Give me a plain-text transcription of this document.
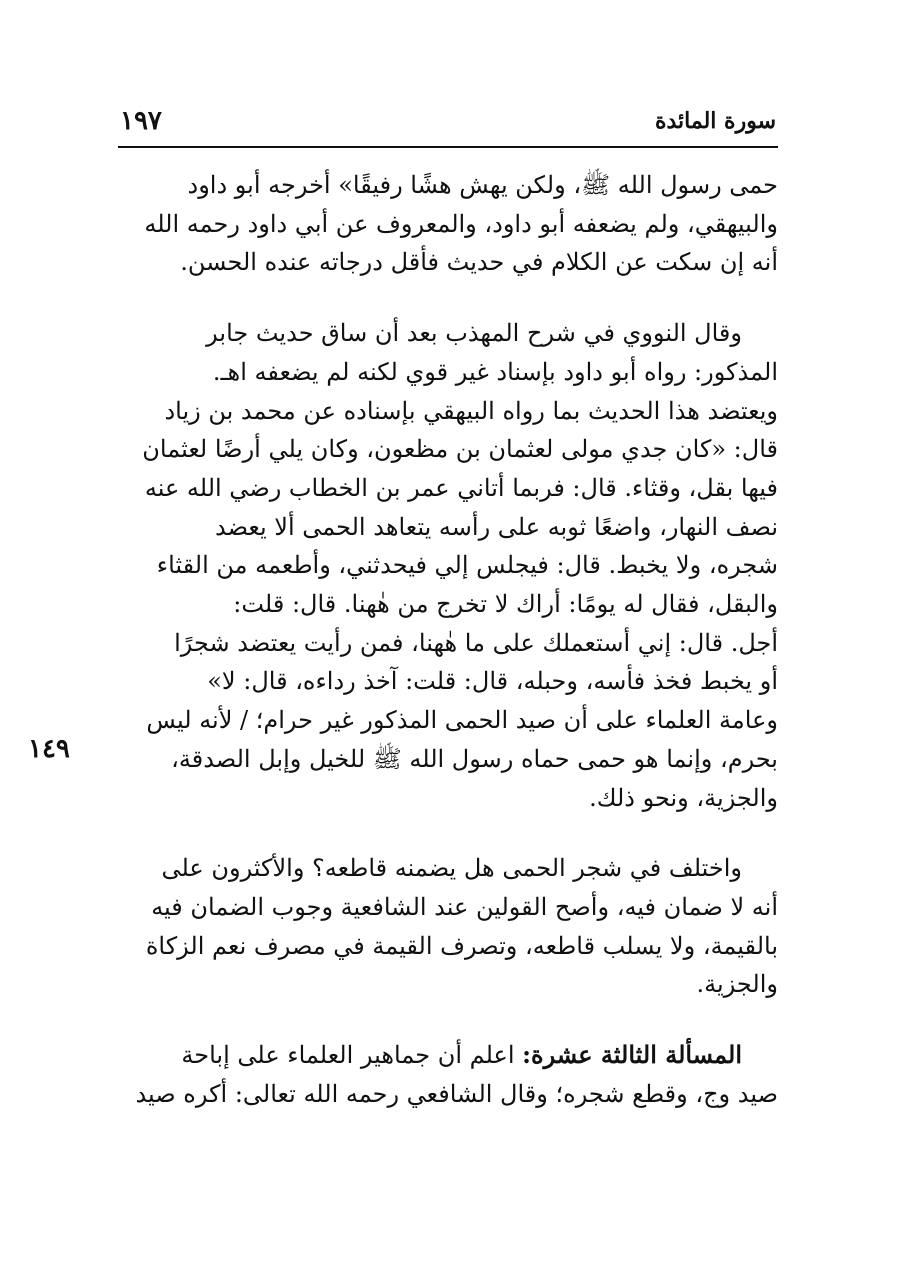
سورة المائدة
١٩٧
١٤٩
حمى رسول الله ﷺ، ولكن يهش هشًا رفيقًا» أخرجه أبو داود
والبيهقي، ولم يضعفه أبو داود، والمعروف عن أبي داود رحمه الله
أنه إن سكت عن الكلام في حديث فأقل درجاته عنده الحسن.
وقال النووي في شرح المهذب بعد أن ساق حديث جابر
المذكور: رواه أبو داود بإسناد غير قوي لكنه لم يضعفه اهـ.
ويعتضد هذا الحديث بما رواه البيهقي بإسناده عن محمد بن زياد
قال: «كان جدي مولى لعثمان بن مظعون، وكان يلي أرضًا لعثمان
فيها بقل، وقثاء. قال: فربما أتاني عمر بن الخطاب رضي الله عنه
نصف النهار، واضعًا ثوبه على رأسه يتعاهد الحمى ألا يعضد
شجره، ولا يخبط. قال: فيجلس إلي فيحدثني، وأطعمه من القثاء
والبقل، فقال له يومًا: أراك لا تخرج من هٰهنا. قال: قلت:
أجل. قال: إني أستعملك على ما هٰهنا، فمن رأيت يعتضد شجرًا
أو يخبط فخذ فأسه، وحبله، قال: قلت: آخذ رداءه، قال: لا»
وعامة العلماء على أن صيد الحمى المذكور غير حرام؛ / لأنه ليس
بحرم، وإنما هو حمى حماه رسول الله ﷺ للخيل وإبل الصدقة،
والجزية، ونحو ذلك.
واختلف في شجر الحمى هل يضمنه قاطعه؟ والأكثرون على
أنه لا ضمان فيه، وأصح القولين عند الشافعية وجوب الضمان فيه
بالقيمة، ولا يسلب قاطعه، وتصرف القيمة في مصرف نعم الزكاة
والجزية.
المسألة الثالثة عشرة: اعلم أن جماهير العلماء على إباحة
صيد وج، وقطع شجره؛ وقال الشافعي رحمه الله تعالى: أكره صيد
